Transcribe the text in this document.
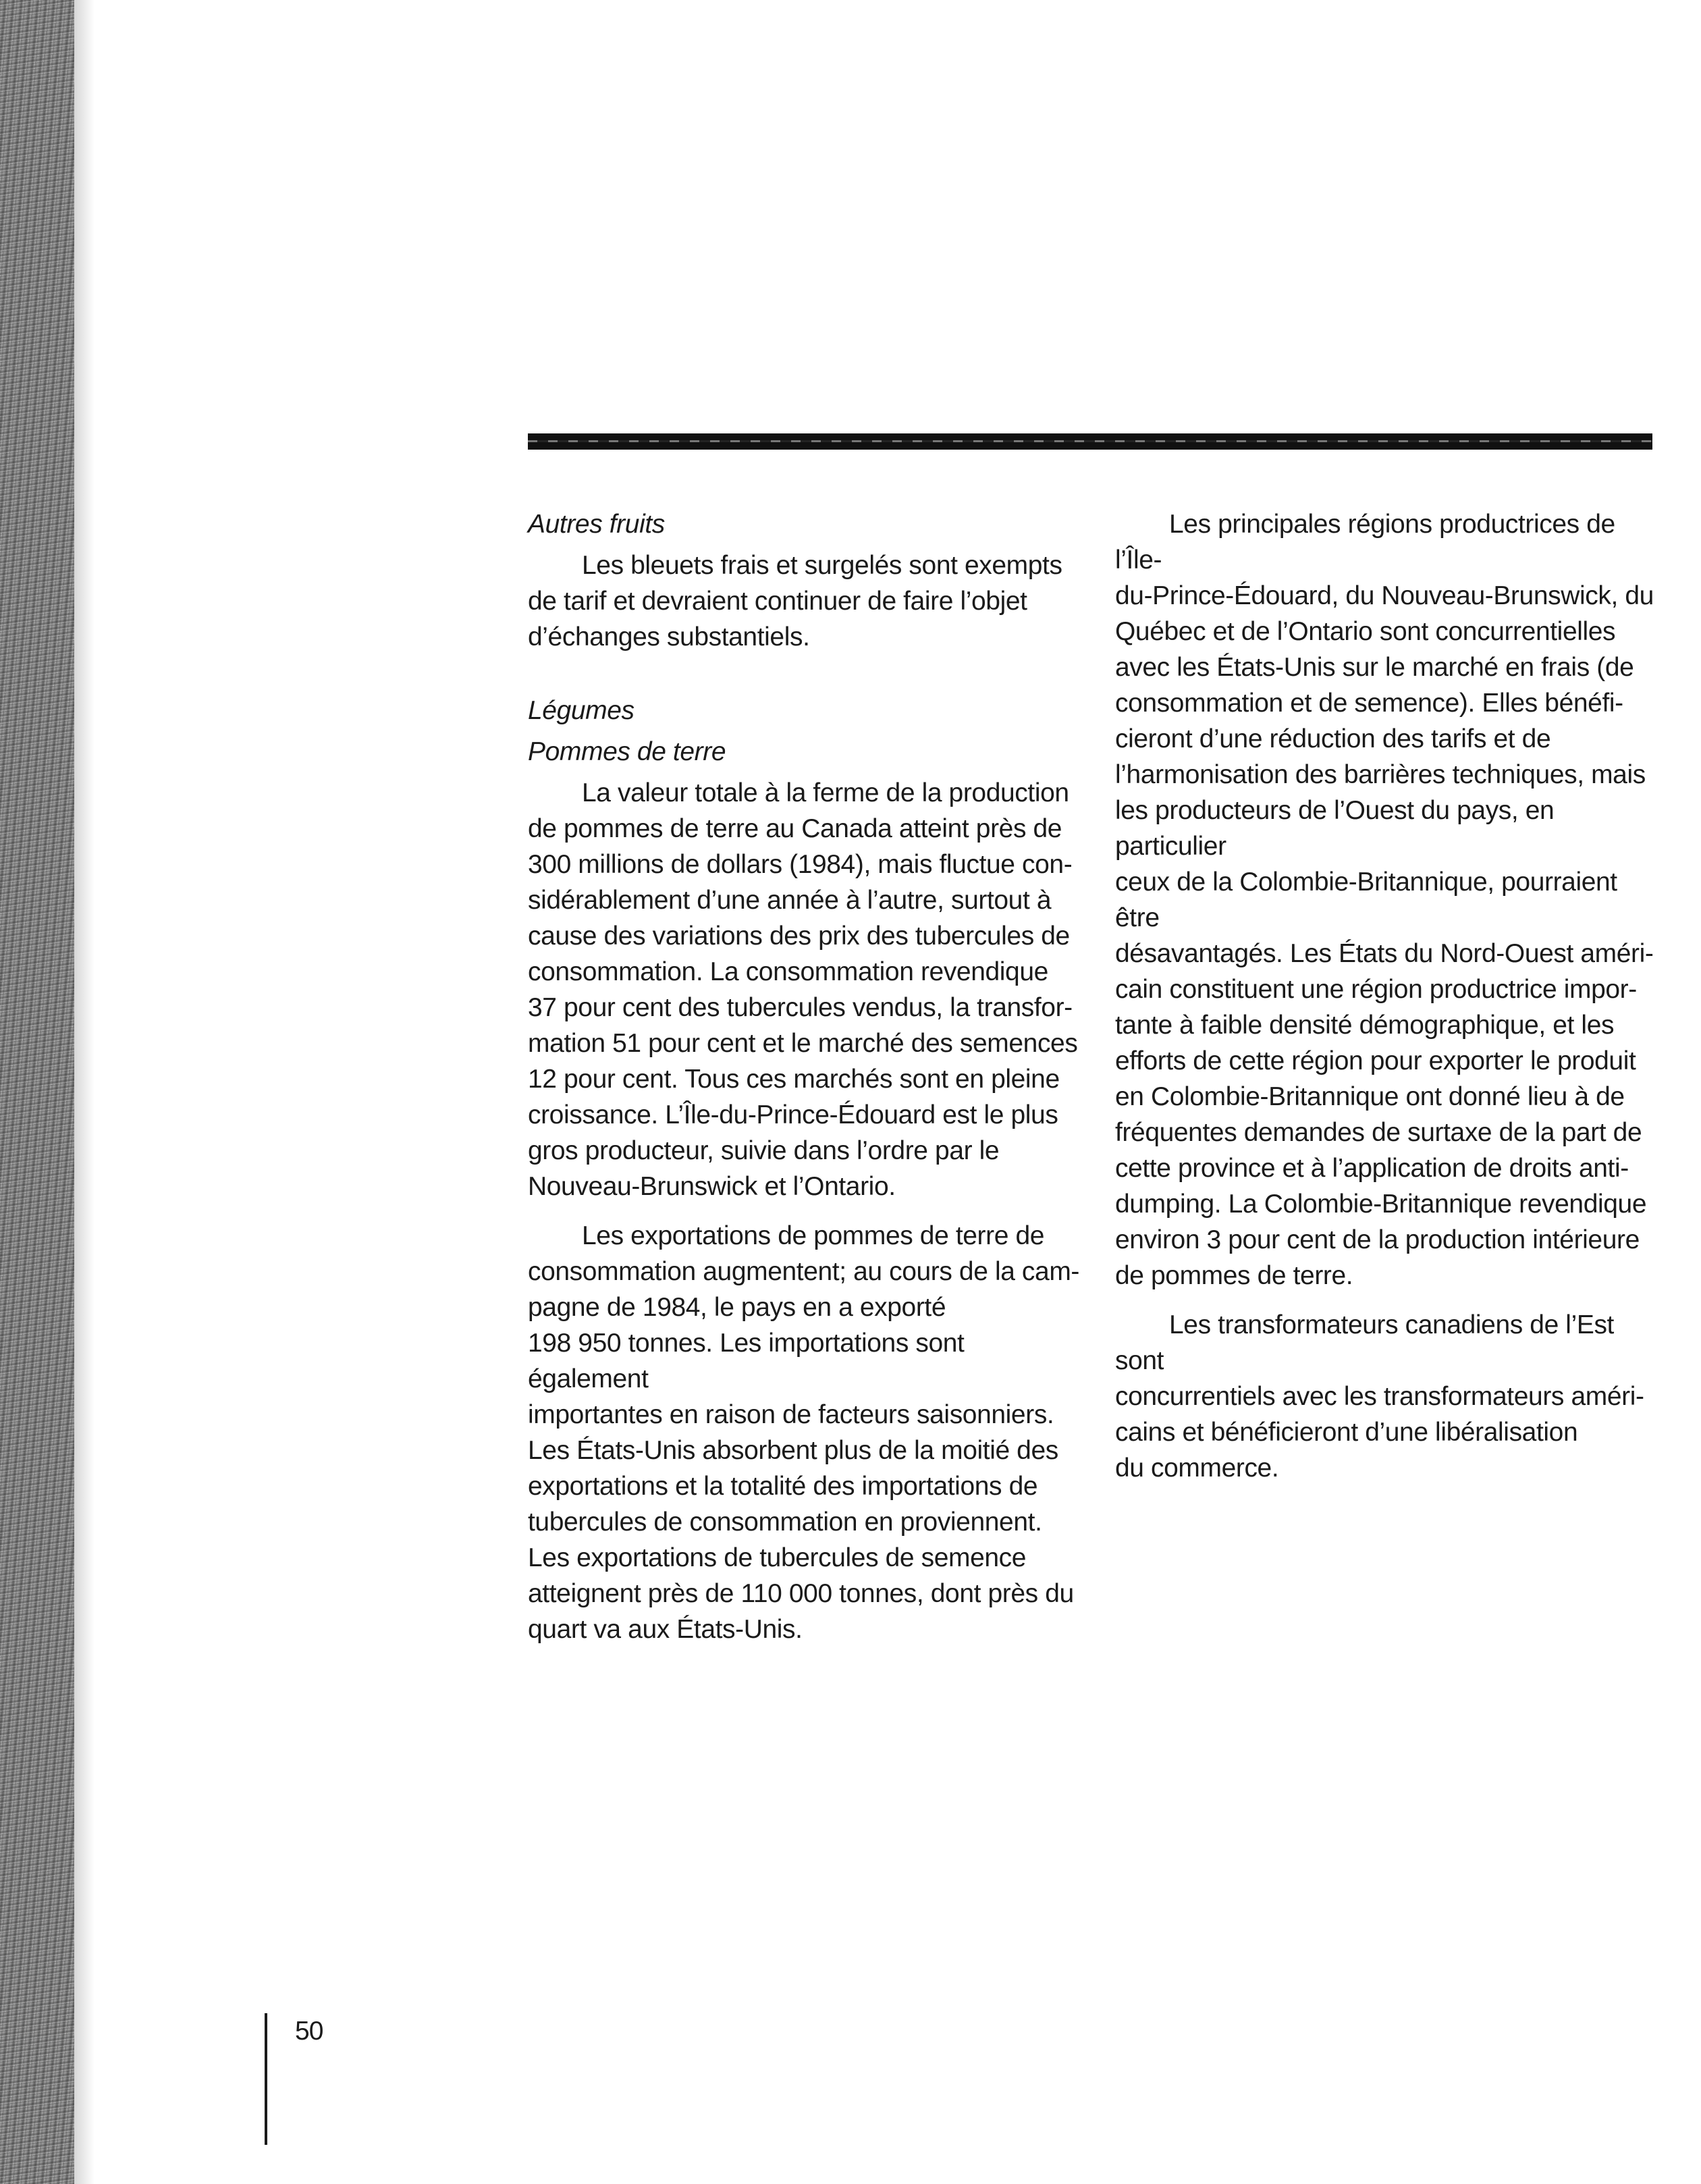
Autres fruits

Les bleuets frais et surgelés sont exempts
de tarif et devraient continuer de faire l’objet
d’échanges substantiels.

Légumes

Pommes de terre

La valeur totale à la ferme de la production
de pommes de terre au Canada atteint près de
300 millions de dollars (1984), mais fluctue con-
sidérablement d’une année à l’autre, surtout à
cause des variations des prix des tubercules de
consommation. La consommation revendique
37 pour cent des tubercules vendus, la transfor-
mation 51 pour cent et le marché des semences
12 pour cent. Tous ces marchés sont en pleine
croissance. L’Île-du-Prince-Édouard est le plus
gros producteur, suivie dans l’ordre par le
Nouveau-Brunswick et l’Ontario.

Les exportations de pommes de terre de
consommation augmentent; au cours de la cam-
pagne de 1984, le pays en a exporté
198 950 tonnes. Les importations sont également
importantes en raison de facteurs saisonniers.
Les États-Unis absorbent plus de la moitié des
exportations et la totalité des importations de
tubercules de consommation en proviennent.
Les exportations de tubercules de semence
atteignent près de 110 000 tonnes, dont près du
quart va aux États-Unis.

Les principales régions productrices de l’Île-
du-Prince-Édouard, du Nouveau-Brunswick, du
Québec et de l’Ontario sont concurrentielles
avec les États-Unis sur le marché en frais (de
consommation et de semence). Elles bénéfi-
cieront d’une réduction des tarifs et de
l’harmonisation des barrières techniques, mais
les producteurs de l’Ouest du pays, en particulier
ceux de la Colombie-Britannique, pourraient être
désavantagés. Les États du Nord-Ouest améri-
cain constituent une région productrice impor-
tante à faible densité démographique, et les
efforts de cette région pour exporter le produit
en Colombie-Britannique ont donné lieu à de
fréquentes demandes de surtaxe de la part de
cette province et à l’application de droits anti-
dumping. La Colombie-Britannique revendique
environ 3 pour cent de la production intérieure
de pommes de terre.

Les transformateurs canadiens de l’Est sont
concurrentiels avec les transformateurs améri-
cains et bénéficieront d’une libéralisation
du commerce.

50
